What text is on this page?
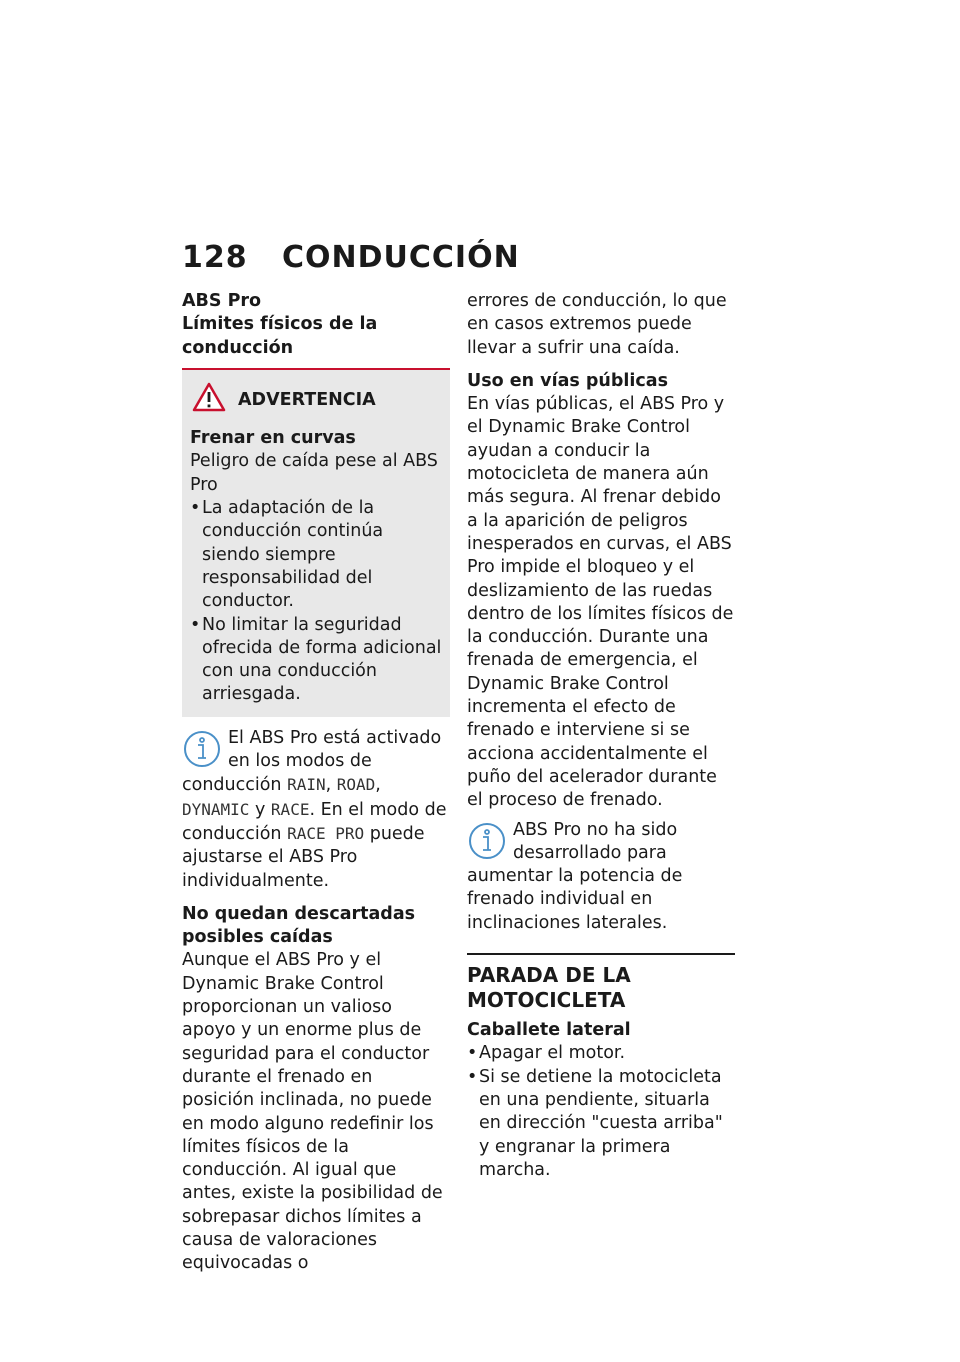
128 CONDUCCIÓN

ABS Pro

Límites físicos de la conducción

ADVERTENCIA

Frenar en curvas

Peligro de caída pese al ABS Pro

• La adaptación de la conducción continúa siendo siempre responsabilidad del conductor.
• No limitar la seguridad ofrecida de forma adicional con una conducción arriesgada.

El ABS Pro está activado en los modos de conducción RAIN, ROAD, DYNAMIC y RACE. En el modo de conducción RACE PRO puede ajustarse el ABS Pro individualmente.

No quedan descartadas posibles caídas

Aunque el ABS Pro y el Dynamic Brake Control proporcionan un valioso apoyo y un enorme plus de seguridad para el conductor durante el frenado en posición inclinada, no puede en modo alguno redefinir los límites físicos de la conducción. Al igual que antes, existe la posibilidad de sobrepasar dichos límites a causa de valoraciones equivocadas o

errores de conducción, lo que en casos extremos puede llevar a sufrir una caída.

Uso en vías públicas

En vías públicas, el ABS Pro y el Dynamic Brake Control ayudan a conducir la motocicleta de manera aún más segura. Al frenar debido a la aparición de peligros inesperados en curvas, el ABS Pro impide el bloqueo y el deslizamiento de las ruedas dentro de los límites físicos de la conducción. Durante una frenada de emergencia, el Dynamic Brake Control incrementa el efecto de frenado e interviene si se acciona accidentalmente el puño del acelerador durante el proceso de frenado.

ABS Pro no ha sido desarrollado para aumentar la potencia de frenado individual en inclinaciones laterales.

PARADA DE LA MOTOCICLETA

Caballete lateral

• Apagar el motor.
• Si se detiene la motocicleta en una pendiente, situarla en dirección "cuesta arriba" y engranar la primera marcha.
